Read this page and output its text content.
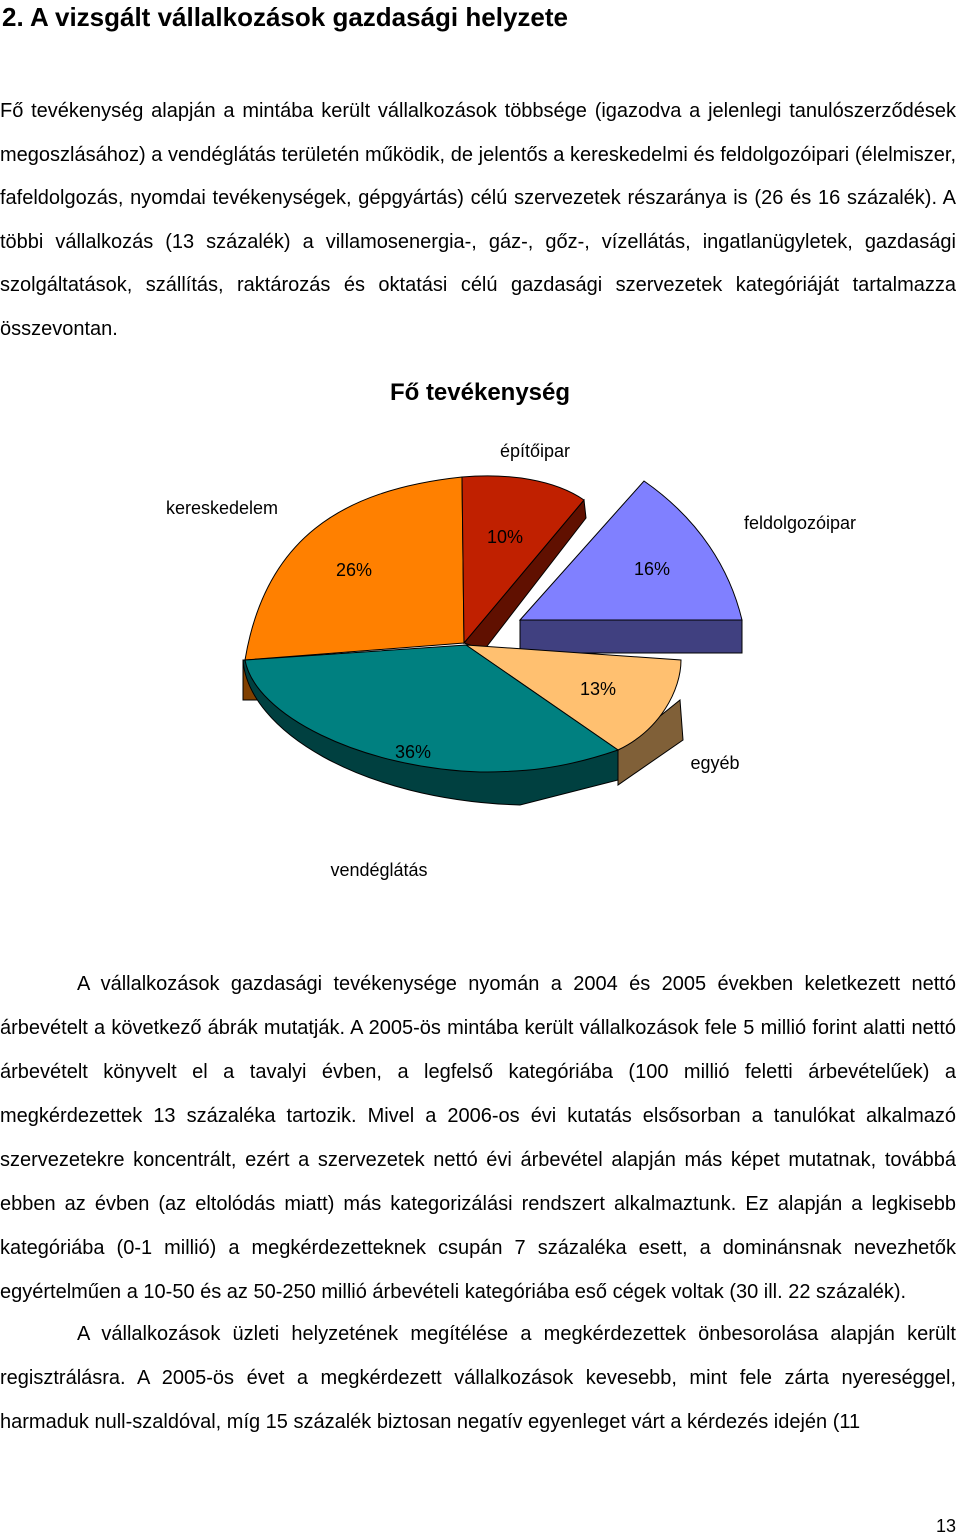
2. A vizsgált vállalkozások gazdasági helyzete

Fő tevékenység alapján a mintába került vállalkozások többsége (igazodva a jelenlegi tanulószerződések megoszlásához) a vendéglátás területén működik, de jelentős a kereskedelmi és feldolgozóipari (élelmiszer, fafeldolgozás, nyomdai tevékenységek, gépgyártás) célú szervezetek részaránya is (26 és 16 százalék). A többi vállalkozás (13 százalék) a villamosenergia-, gáz-, gőz-, vízellátás, ingatlanügyletek, gazdasági szolgáltatások, szállítás, raktározás és oktatási célú gazdasági szervezetek kategóriáját tartalmazza összevontan.

Fő tevékenység
építőipar
kereskedelem
feldolgozóipar
egyéb
vendéglátás
26%
10%
16%
13%
36%

A vállalkozások gazdasági tevékenysége nyomán a 2004 és 2005 években keletkezett nettó árbevételt a következő ábrák mutatják. A 2005-ös mintába került vállalkozások fele 5 millió forint alatti nettó árbevételt könyvelt el a tavalyi évben, a legfelső kategóriába (100 millió feletti árbevételűek) a megkérdezettek 13 százaléka tartozik. Mivel a 2006-os évi kutatás elsősorban a tanulókat alkalmazó szervezetekre koncentrált, ezért a szervezetek nettó évi árbevétel alapján más képet mutatnak, továbbá ebben az évben (az eltolódás miatt) más kategorizálási rendszert alkalmaztunk. Ez alapján a legkisebb kategóriába (0-1 millió) a megkérdezetteknek csupán 7 százaléka esett, a dominánsnak nevezhetők egyértelműen a 10-50 és az 50-250 millió árbevételi kategóriába eső cégek voltak (30 ill. 22 százalék).

A vállalkozások üzleti helyzetének megítélése a megkérdezettek önbesorolása alapján került regisztrálásra. A 2005-ös évet a megkérdezett vállalkozások kevesebb, mint fele zárta nyereséggel, harmaduk null-szaldóval, míg 15 százalék biztosan negatív egyenleget várt a kérdezés idején (11

13
